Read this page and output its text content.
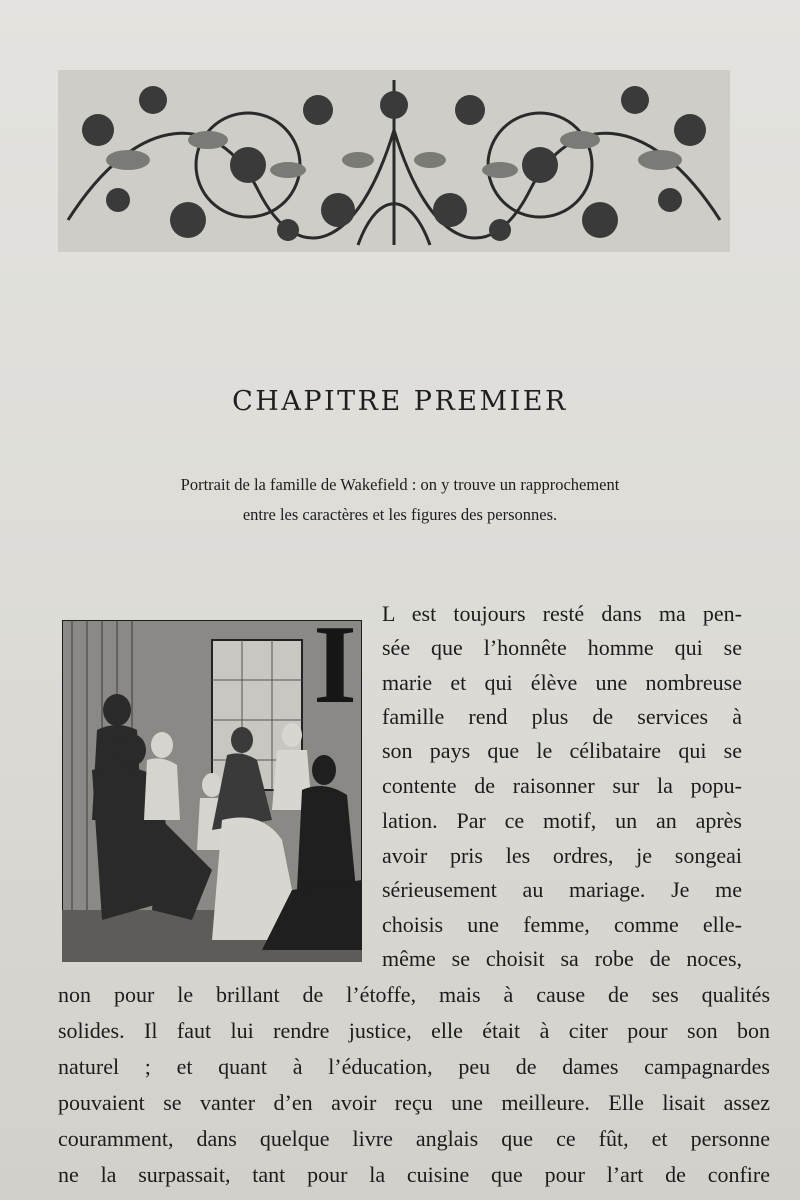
CHAPITRE PREMIER
Portrait de la famille de Wakefield : on y trouve un rapprochement
entre les caractères et les figures des personnes.
I L est toujours resté dans ma pen-
sée que l’honnête homme qui se
marie et qui élève une nombreuse
famille rend plus de services à
son pays que le célibataire qui se
contente de raisonner sur la popu-
lation. Par ce motif, un an après
avoir pris les ordres, je songeai
sérieusement au mariage. Je me
choisis une femme, comme elle-
même se choisit sa robe de noces,
non pour le brillant de l’étoffe, mais à cause de ses qualités
solides. Il faut lui rendre justice, elle était à citer pour son bon
naturel ; et quant à l’éducation, peu de dames campagnardes
pouvaient se vanter d’en avoir reçu une meilleure. Elle lisait assez
couramment, dans quelque livre anglais que ce fût, et personne
ne la surpassait, tant pour la cuisine que pour l’art de confire
